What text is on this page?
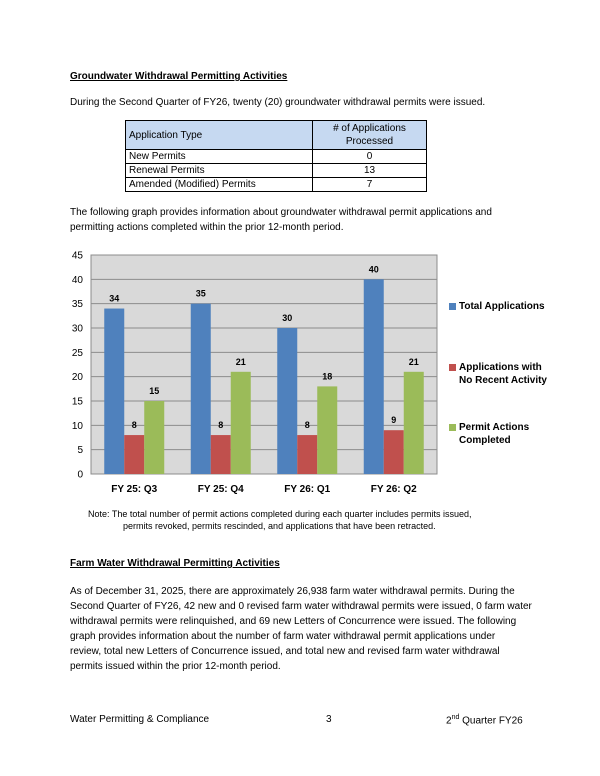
Groundwater Withdrawal Permitting Activities
During the Second Quarter of FY26, twenty (20) groundwater withdrawal permits were issued.
Application Type	# of Applications
Processed

New Permits	0
Renewal Permits	13
Amended (Modified) Permits	7
The following graph provides information about groundwater withdrawal permit applications and
permitting actions completed within the prior 12-month period.
0
5
10
15
20
25
30
35
40
45
FY 25: Q3
34
8
15
FY 25: Q4
35
8
21
FY 26: Q1
30
8
18
FY 26: Q2
40
9
21
Total Applications
Applications with
No Recent Activity
Permit Actions
Completed
Note: The total number of permit actions completed during each quarter includes permits issued,
permits revoked, permits rescinded, and applications that have been retracted.
Farm Water Withdrawal Permitting Activities
As of December 31, 2025, there are approximately 26,938 farm water withdrawal permits. During the
Second Quarter of FY26, 42 new and 0 revised farm water withdrawal permits were issued, 0 farm water
withdrawal permits were relinquished, and 69 new Letters of Concurrence were issued. The following
graph provides information about the number of farm water withdrawal permit applications under
review, total new Letters of Concurrence issued, and total new and revised farm water withdrawal
permits issued within the prior 12-month period.
Water Permitting & Compliance	3	2nd Quarter FY26
